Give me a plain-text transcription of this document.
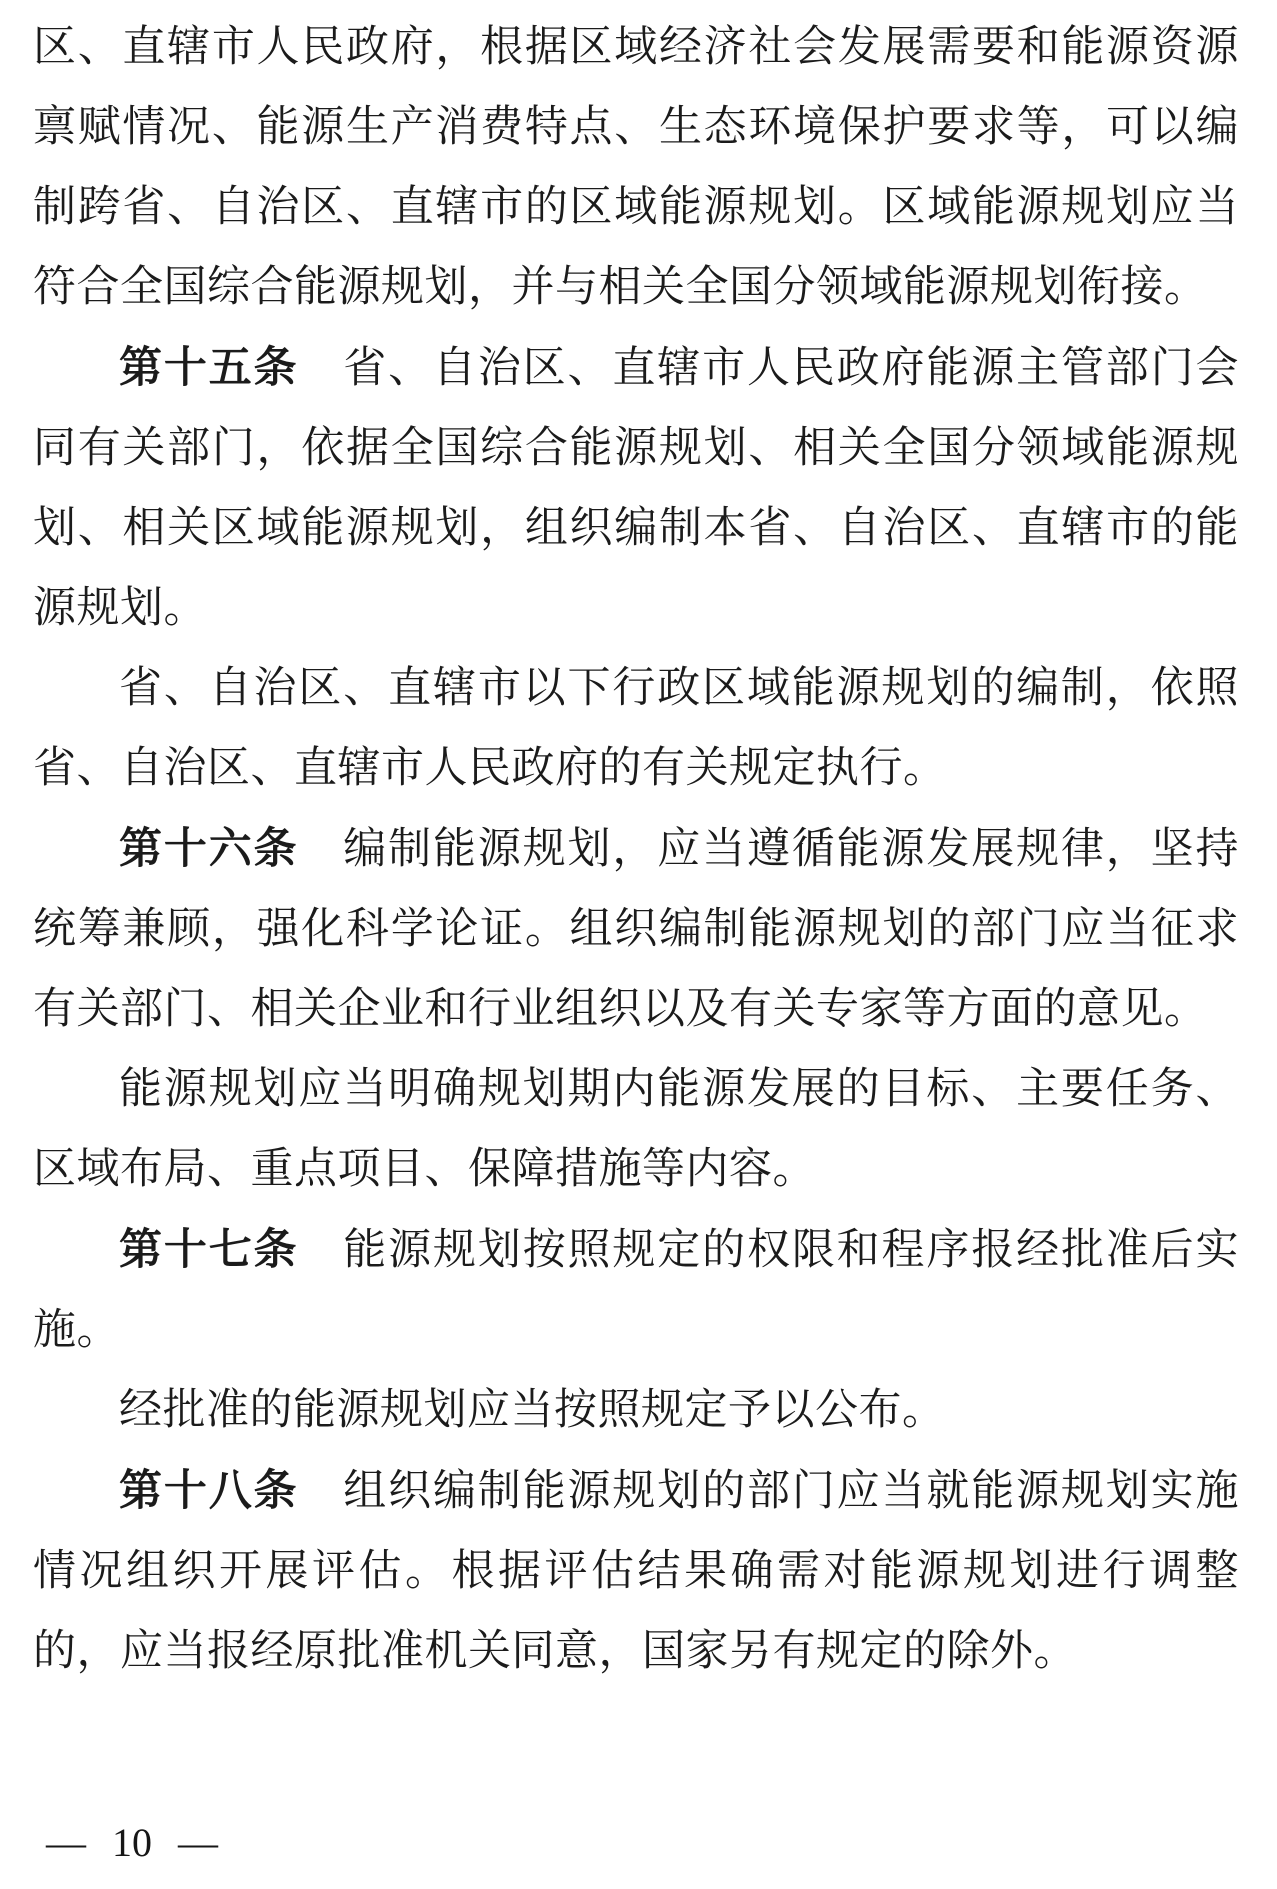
区、直辖市人民政府，根据区域经济社会发展需要和能源资源禀赋情况、能源生产消费特点、生态环境保护要求等，可以编制跨省、自治区、直辖市的区域能源规划。区域能源规划应当符合全国综合能源规划，并与相关全国分领域能源规划衔接。

第十五条　 省、自治区、直辖市人民政府能源主管部门会同有关部门，依据全国综合能源规划、相关全国分领域能源规划、相关区域能源规划，组织编制本省、自治区、直辖市的能源规划。

省、自治区、直辖市以下行政区域能源规划的编制，依照省、自治区、直辖市人民政府的有关规定执行。

第十六条　 编制能源规划，应当遵循能源发展规律，坚持统筹兼顾，强化科学论证。组织编制能源规划的部门应当征求有关部门、相关企业和行业组织以及有关专家等方面的意见。

能源规划应当明确规划期内能源发展的目标、主要任务、区域布局、重点项目、保障措施等内容。

第十七条　 能源规划按照规定的权限和程序报经批准后实施。

经批准的能源规划应当按照规定予以公布。

第十八条　 组织编制能源规划的部门应当就能源规划实施情况组织开展评估。根据评估结果确需对能源规划进行调整的，应当报经原批准机关同意，国家另有规定的除外。

— 10 —
